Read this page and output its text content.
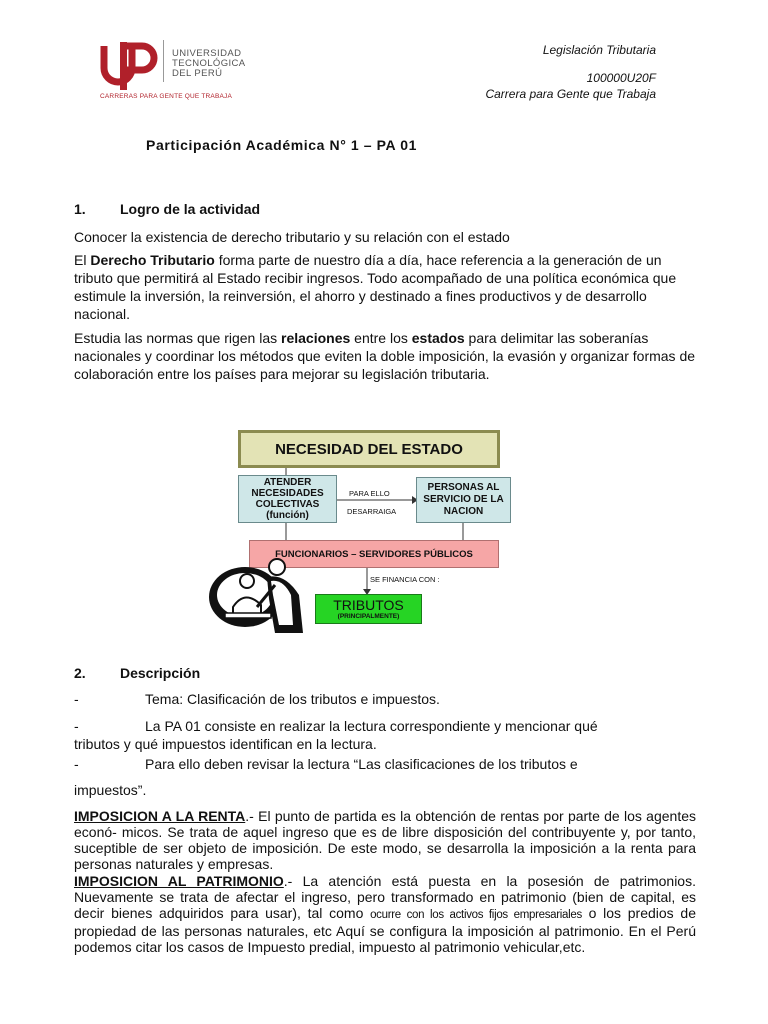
UNIVERSIDAD
TECNOLÓGICA
DEL PERÚ
CARRERAS PARA GENTE QUE TRABAJA
Legislación Tributaria
100000U20F
Carrera para Gente que Trabaja
Participación Académica N° 1 – PA 01
1. Logro de la actividad
Conocer la existencia de derecho tributario y su relación con el estado
El Derecho Tributario forma parte de nuestro día a día, hace referencia a la generación de un tributo que permitirá al Estado recibir ingresos. Todo acompañado de una política económica que estimule la inversión, la reinversión, el ahorro y destinado a fines productivos y de desarrollo nacional.
Estudia las normas que rigen las relaciones entre los estados para delimitar las soberanías nacionales y coordinar los métodos que eviten la doble imposición, la evasión y organizar formas de colaboración entre los países para mejorar su legislación tributaria.
NECESIDAD DEL ESTADO
ATENDER
NECESIDADES
COLECTIVAS
(función)
PARA ELLO
DESARRAIGA
PERSONAS AL
SERVICIO DE LA
NACION
FUNCIONARIOS – SERVIDORES PÚBLICOS
SE FINANCIA CON :
TRIBUTOS
(PRINCIPALMENTE)
2. Descripción
-	Tema: Clasificación de los tributos e impuestos.
-	La PA 01 consiste en realizar la lectura correspondiente y mencionar qué
tributos y qué impuestos identifican en la lectura.
-	Para ello deben revisar la lectura “Las clasificaciones de los tributos e
impuestos”.
IMPOSICION A LA RENTA.- El punto de partida es la obtención de rentas por parte de los agentes econó- micos. Se trata de aquel ingreso que es de libre disposición del contribuyente y, por tanto, suceptible de ser objeto de imposición. De este modo, se desarrolla la imposición a la renta para personas naturales y empresas.
IMPOSICION AL PATRIMONIO.- La atención está puesta en la posesión de patrimonios. Nuevamente se trata de afectar el ingreso, pero transformado en patrimonio (bien de capital, es decir bienes adquiridos para usar), tal como ocurre con los activos fijos empresariales o los predios de propiedad de las personas naturales, etc Aquí se configura la imposición al patrimonio. En el Perú podemos citar los casos de Impuesto predial, impuesto al patrimonio vehicular,etc.
